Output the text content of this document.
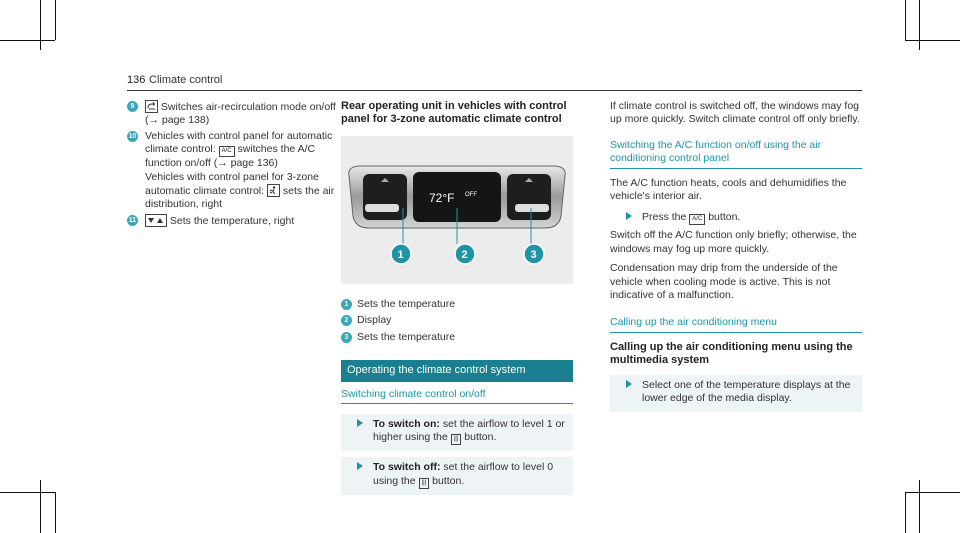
136 Climate control
9	Switches air-recirculation mode on/off (→ page 138)
10 Vehicles with control panel for automatic climate control: A/C switches the A/C function on/off (→ page 136)
Vehicles with control panel for 3-zone automatic climate control: sets the air distribution, right
11	Sets the temperature, right
Rear operating unit in vehicles with control panel for 3-zone automatic climate control
72°F OFF
1	2	3
1 Sets the temperature
2 Display
3 Sets the temperature
Operating the climate control system
Switching climate control on/off
To switch on: set the airflow to level 1 or higher using the ||| button.
To switch off: set the airflow to level 0 using the ||| button.

If climate control is switched off, the windows may fog up more quickly. Switch climate control off only briefly.

Switching the A/C function on/off using the air conditioning control panel

The A/C function heats, cools and dehumidifies the vehicle's interior air.

Press the A/C button.

Switch off the A/C function only briefly; otherwise, the windows may fog up more quickly.

Condensation may drip from the underside of the vehicle when cooling mode is active. This is not indicative of a malfunction.

Calling up the air conditioning menu
Calling up the air conditioning menu using the multimedia system
Select one of the temperature displays at the lower edge of the media display.
